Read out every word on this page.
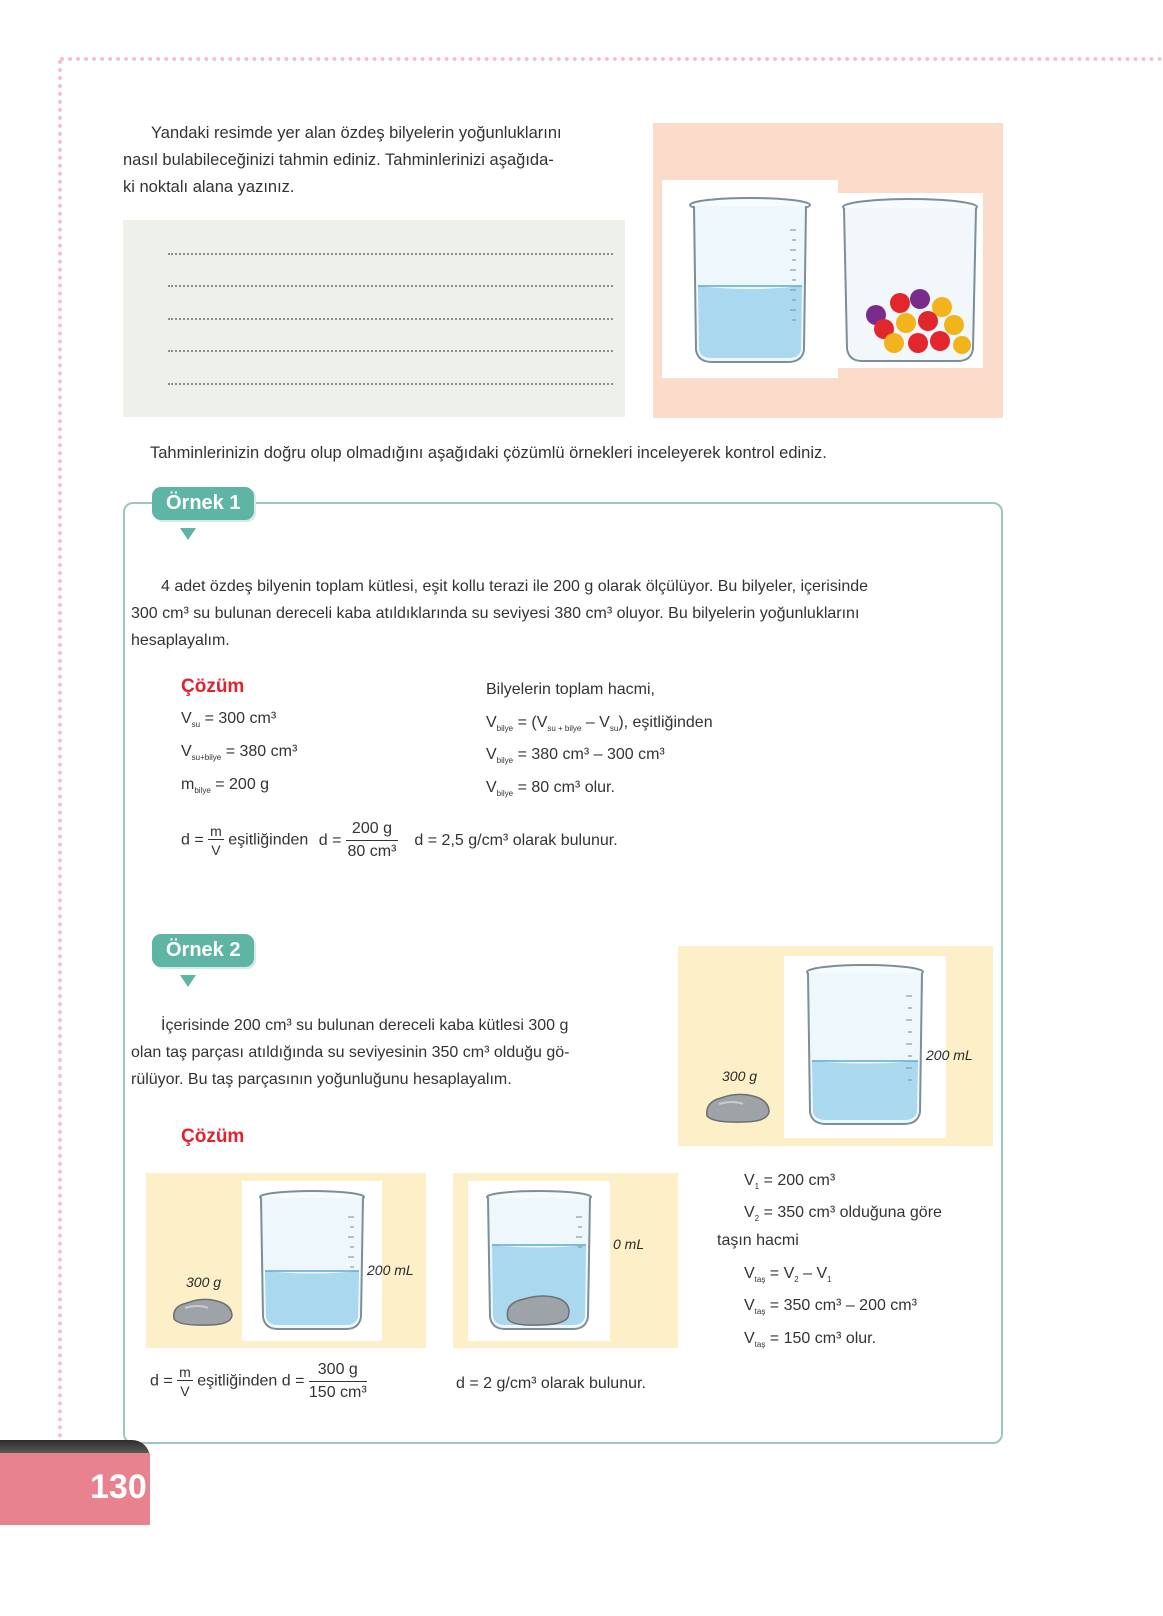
Yandaki resimde yer alan özdeş bilyelerin yoğunluklarını
nasıl bulabileceğinizi tahmin ediniz. Tahminlerinizi aşağıda-
ki noktalı alana yazınız.
Tahminlerinizin doğru olup olmadığını aşağıdaki çözümlü örnekleri inceleyerek kontrol ediniz.
Örnek 1
4 adet özdeş bilyenin toplam kütlesi, eşit kollu terazi ile 200 g olarak ölçülüyor. Bu bilyeler, içerisinde
300 cm³ su bulunan dereceli kaba atıldıklarında su seviyesi 380 cm³ oluyor. Bu bilyelerin yoğunluklarını
hesaplayalım.
Çözüm
$V_{su} = 300$ cm³
$V_{su+bilye} = 380$ cm³
$m_{bilye} = 200$ g
Bilyelerin toplam hacmi,
$V_{bilye} = (V_{su + bilye} - V_{su})$, eşitliğinden
$V_{bilye} = 380$ cm³ – 300 cm³
$V_{bilye} = 80$ cm³ olur.
$d = \frac{m}{V}$ eşitliğinden $d = \frac{200 g}{\text{80 cm³}}$ d = 2,5 g/cm³ olarak bulunur.
Örnek 2
İçerisinde 200 cm³ su bulunan dereceli kaba kütlesi 300 g
olan taş parçası atıldığında su seviyesinin 350 cm³ olduğu gö-
rülüyor. Bu taş parçasının yoğunluğunu hesaplayalım.	300 g
200 mL
Çözüm
300 g
200 mL
0 mL
$V_1 = 200$ cm³
$V_2 = 350$ cm³ olduğuna göre
taşın hacmi
$V_{taş} = V_2 - V_1$
$V_{taş} = 350$ cm³ – 200 cm³
$V_{taş} = 150$ cm³ olur.
$d = \frac{m}{V}$ eşitliğinden $d = \frac{300 g}{\text{150 cm³}}$	d = 2 g/cm³ olarak bulunur.
130
